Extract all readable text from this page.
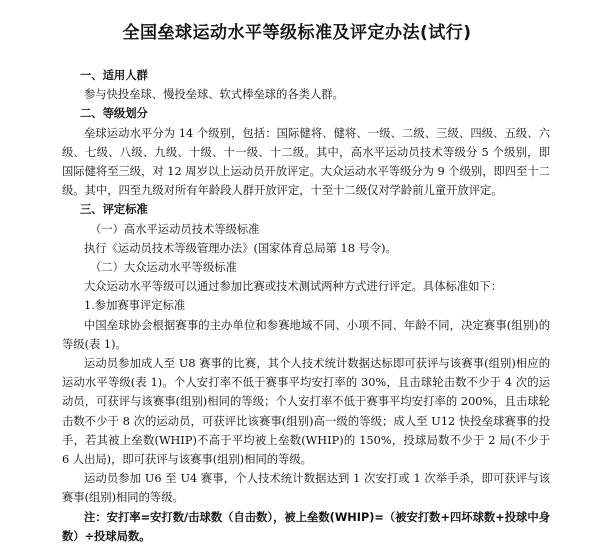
全国垒球运动水平等级标准及评定办法(试行)

一、适用人群

参与快投垒球、慢投垒球、软式棒垒球的各类人群。

二、等级划分

垒球运动水平分为 14 个级别，包括：国际健将、健将、一级、二级、三级、四级、五级、六级、七级、八级、九级、十级、十一级、十二级。其中，高水平运动员技术等级分 5 个级别，即国际健将至三级，对 12 周岁以上运动员开放评定。大众运动水平等级分为 9 个级别，即四至十二级。其中，四至九级对所有年龄段人群开放评定，十至十二级仅对学龄前儿童开放评定。

三、评定标准

（一）高水平运动员技术等级标准

执行《运动员技术等级管理办法》(国家体育总局第 18 号令)。

（二）大众运动水平等级标准

大众运动水平等级可以通过参加比赛或技术测试两种方式进行评定。具体标准如下：

1.参加赛事评定标准

中国垒球协会根据赛事的主办单位和参赛地域不同、小项不同、年龄不同，决定赛事(组别)的等级(表 1)。

运动员参加成人至 U8 赛事的比赛，其个人技术统计数据达标即可获评与该赛事(组别)相应的运动水平等级(表 1)。个人安打率不低于赛事平均安打率的 30%，且击球轮击数不少于 4 次的运动员，可获评与该赛事(组别)相同的等级；个人安打率不低于赛事平均安打率的 200%，且击球轮击数不少于 8 次的运动员，可获评比该赛事(组别)高一级的等级；成人至 U12 快投垒球赛事的投手，若其被上垒数(WHIP)不高于平均被上垒数(WHIP)的 150%，投球局数不少于 2 局(不少于 6 人出局)，即可获评与该赛事(组别)相同的等级。

运动员参加 U6 至 U4 赛事，个人技术统计数据达到 1 次安打或 1 次举手杀，即可获评与该赛事(组别)相同的等级。

注：安打率=安打数/击球数（自击数），被上垒数(WHIP)=（被安打数+四坏球数+投球中身数）÷投球局数。
